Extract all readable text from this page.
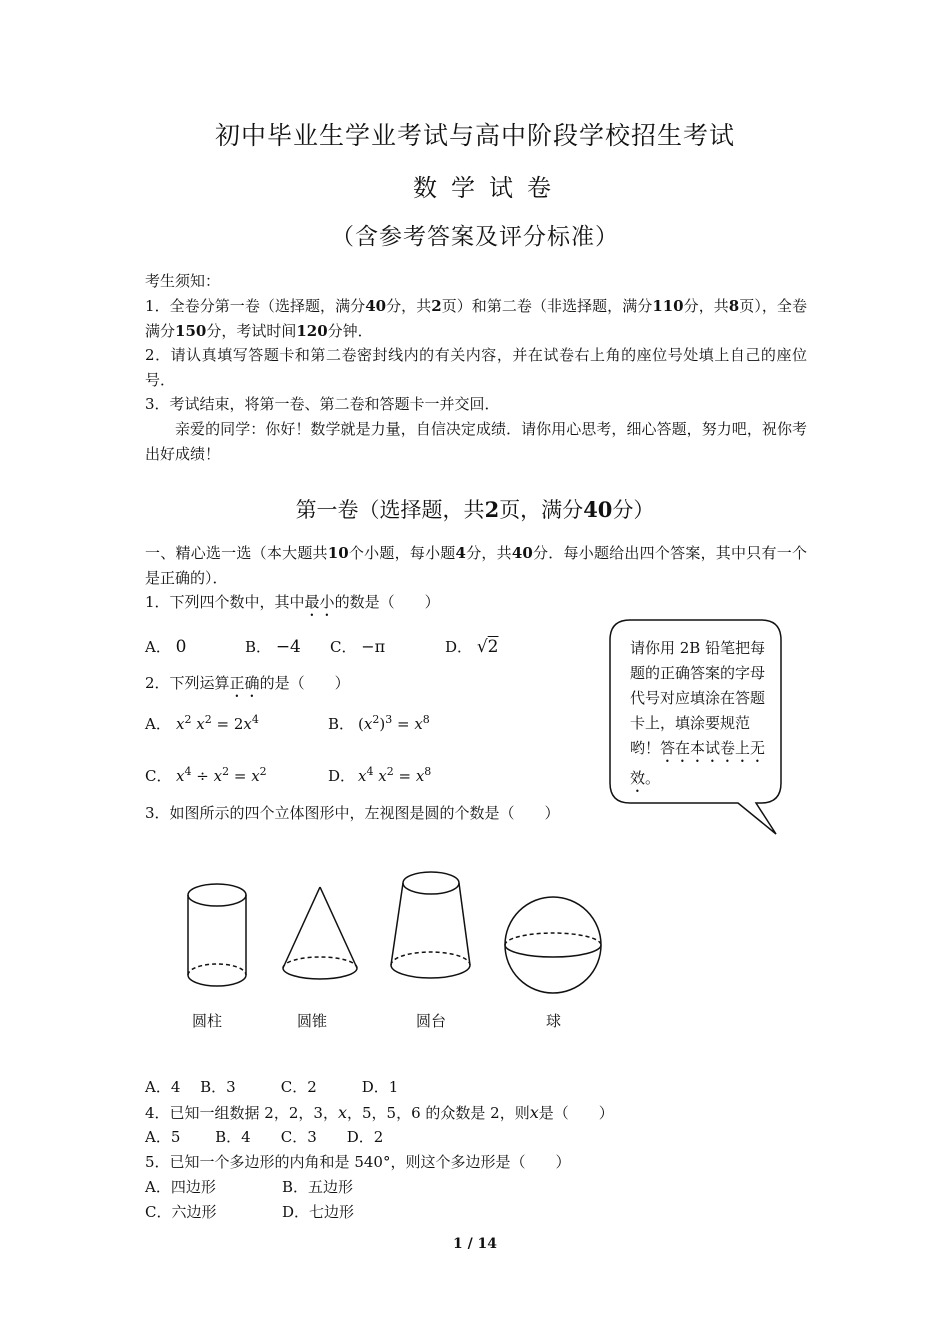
初中毕业生学业考试与高中阶段学校招生考试
数学试卷
（含参考答案及评分标准）
考生须知：
1．全卷分第一卷（选择题，满分40分，共2页）和第二卷（非选择题，满分110分，共8页），全卷满分150分，考试时间120分钟．
2．请认真填写答题卡和第二卷密封线内的有关内容，并在试卷右上角的座位号处填上自己的座位号．
3．考试结束，将第一卷、第二卷和答题卡一并交回．
亲爱的同学：你好！数学就是力量，自信决定成绩．请你用心思考，细心答题，努力吧，祝你考出好成绩！
第一卷（选择题，共2页，满分40分）
一、精心选一选（本大题共10个小题，每小题4分，共40分．每小题给出四个答案，其中只有一个是正确的）．
1．下列四个数中，其中最小的数是（　　）
A． 0	B． −4 C． −π	D． √2
2．下列运算正确的是（　　）
A． $x^2$ $x^2 = 2x^4$	B． $(x^2)^3 = x^8$
C． $x^4 \div x^2 = x^2$	D． $x^4$ $x^2 = x^8$
请你用 2B 铅笔把每题的正确答案的字母代号对应填涂在答题卡上，填涂要规范哟！答在本试卷上无效。
3．如图所示的四个立体图形中，左视图是圆的个数是（　　）
圆柱	圆锥	圆台	球
A．4　 B．3　　　C．2　　　D．1
4．已知一组数据 2，2，3，x，5，5，6 的众数是 2，则x是（　　）
A．5　　 B．4　　C．3　　D．2
5．已知一个多边形的内角和是 540°，则这个多边形是（　　）
A．四边形	B．五边形
C．六边形	D．七边形
1 / 14
